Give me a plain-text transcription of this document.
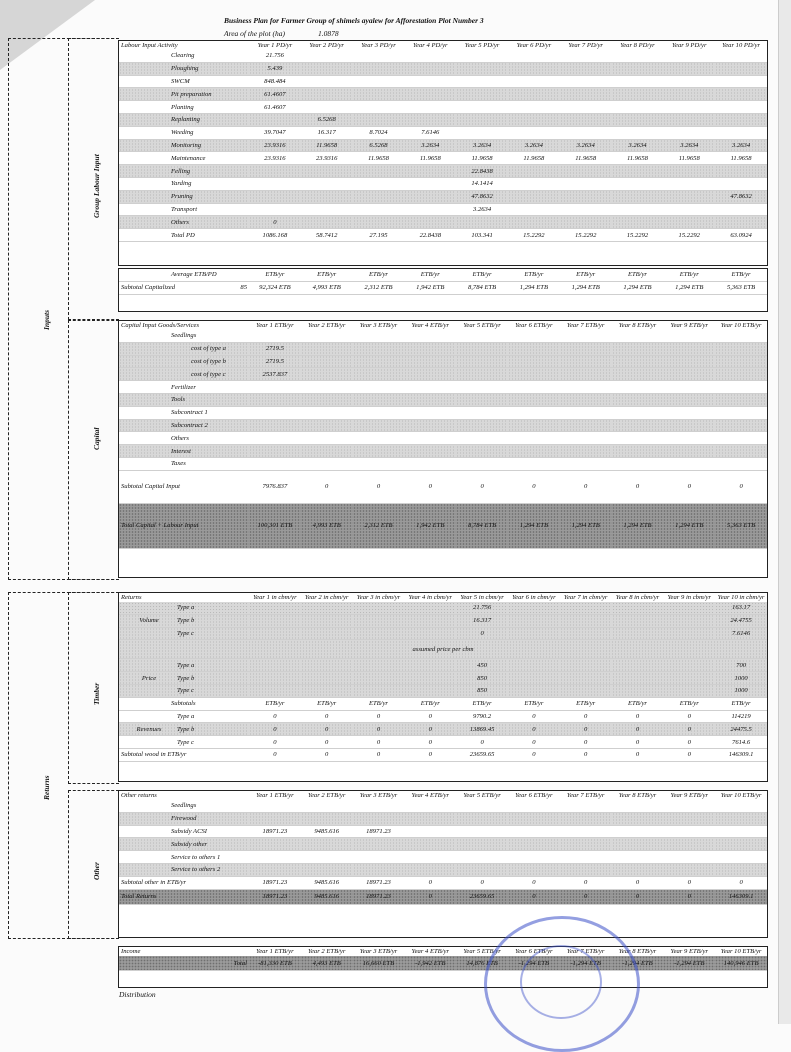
Business Plan for Farmer Group of shimels ayalew for Afforestation Plot Number 3
Area of the plot (ha)	1.0878
Inputs
Group Labour Input
Capital
Returns
Timber
Other
Labour Input Activity	Year 1 PD/yr	Year 2 PD/yr	Year 3 PD/yr	Year 4 PD/yr	Year 5 PD/yr	Year 6 PD/yr	Year 7 PD/yr	Year 8 PD/yr	Year 9 PD/yr	Year 10 PD/yr
Clearing	21.756									
Ploughing	5.439									
SWCM	848.484									
Pit preparation	61.4607									
Planting	61.4607									
Replanting		6.5268								
Weeding	39.7047	16.317	8.7024	7.6146						
Monitoring	23.9316	11.9658	6.5268	3.2634	3.2634	3.2634	3.2634	3.2634	3.2634	3.2634
Maintenance	23.9316	23.9316	11.9658	11.9658	11.9658	11.9658	11.9658	11.9658	11.9658	11.9658
Felling					22.8438					
Yarding					14.1414					
Pruning					47.8632					47.8632
Transport					3.2634					
Others	0									
Total PD	1086.168	58.7412	27.195	22.8438	103.341	15.2292	15.2292	15.2292	15.2292	63.0924
Average ETB/PD	ETB/yr	ETB/yr	ETB/yr	ETB/yr	ETB/yr	ETB/yr	ETB/yr	ETB/yr	ETB/yr	ETB/yr
Subtotal Capitalized 85	92,324 ETB	4,993 ETB	2,312 ETB	1,942 ETB	8,784 ETB	1,294 ETB	1,294 ETB	1,294 ETB	1,294 ETB	5,363 ETB
Capital Input Goods/Services	Year 1 ETB/yr	Year 2 ETB/yr	Year 3 ETB/yr	Year 4 ETB/yr	Year 5 ETB/yr	Year 6 ETB/yr	Year 7 ETB/yr	Year 8 ETB/yr	Year 9 ETB/yr	Year 10 ETB/yr
Seedlings										
cost of type a	2719.5									
cost of type b	2719.5									
cost of type c	2537.837									
Fertilizer										
Tools										
Subcontract 1										
Subcontract 2										
Others										
Interest										
Taxes										
Subtotal Capital Input	7976.837	0	0	0	0	0	0	0	0	0
Total Capital + Labour Input	100,301 ETB	4,993 ETB	2,312 ETB	1,942 ETB	8,784 ETB	1,294 ETB	1,294 ETB	1,294 ETB	1,294 ETB	5,363 ETB
Returns	Year 1 in cbm/yr	Year 2 in cbm/yr	Year 3 in cbm/yr	Year 4 in cbm/yr	Year 5 in cbm/yr	Year 6 in cbm/yr	Year 7 in cbm/yr	Year 8 in cbm/yr	Year 9 in cbm/yr	Year 10 in cbm/yr
Type a					21.756					163.17
Volume Type b					16.317					24.4755
Type c					0					7.6146
assumed price per cbm										
Type a					450					700
Price Type b					850					1000
Type c					850					1000
Subtotals	ETB/yr	ETB/yr	ETB/yr	ETB/yr	ETB/yr	ETB/yr	ETB/yr	ETB/yr	ETB/yr	ETB/yr
Type a	0	0	0	0	9790.2	0	0	0	0	114219
Revenues Type b	0	0	0	0	13869.45	0	0	0	0	24475.5
Type c	0	0	0	0	0	0	0	0	0	7614.6
Subtotal wood in ETB/yr	0	0	0	0	23659.65	0	0	0	0	146309.1
Other returns	Year 1 ETB/yr	Year 2 ETB/yr	Year 3 ETB/yr	Year 4 ETB/yr	Year 5 ETB/yr	Year 6 ETB/yr	Year 7 ETB/yr	Year 8 ETB/yr	Year 9 ETB/yr	Year 10 ETB/yr
Seedlings										
Firewood										
Subsidy ACSI	18971.23	9485.616	18971.23							
Subsidy other										
Service to others 1										
Service to others 2										
Subtotal other in ETB/yr	18971.23	9485.616	18971.23	0	0	0	0	0	0	0
Total Returns	18971.23	9485.616	18971.23	0	23659.65	0	0	0	0	146309.1
Income	Year 1 ETB/yr	Year 2 ETB/yr	Year 3 ETB/yr	Year 4 ETB/yr	Year 5 ETB/yr	Year 6 ETB/yr	Year 7 ETB/yr	Year 8 ETB/yr	Year 9 ETB/yr	Year 10 ETB/yr
Total	-81,330 ETB	4,493 ETB	16,660 ETB	-1,942 ETB	14,876 ETB	-1,294 ETB	-1,294 ETB	-1,294 ETB	-1,294 ETB	140,946 ETB
Distribution
